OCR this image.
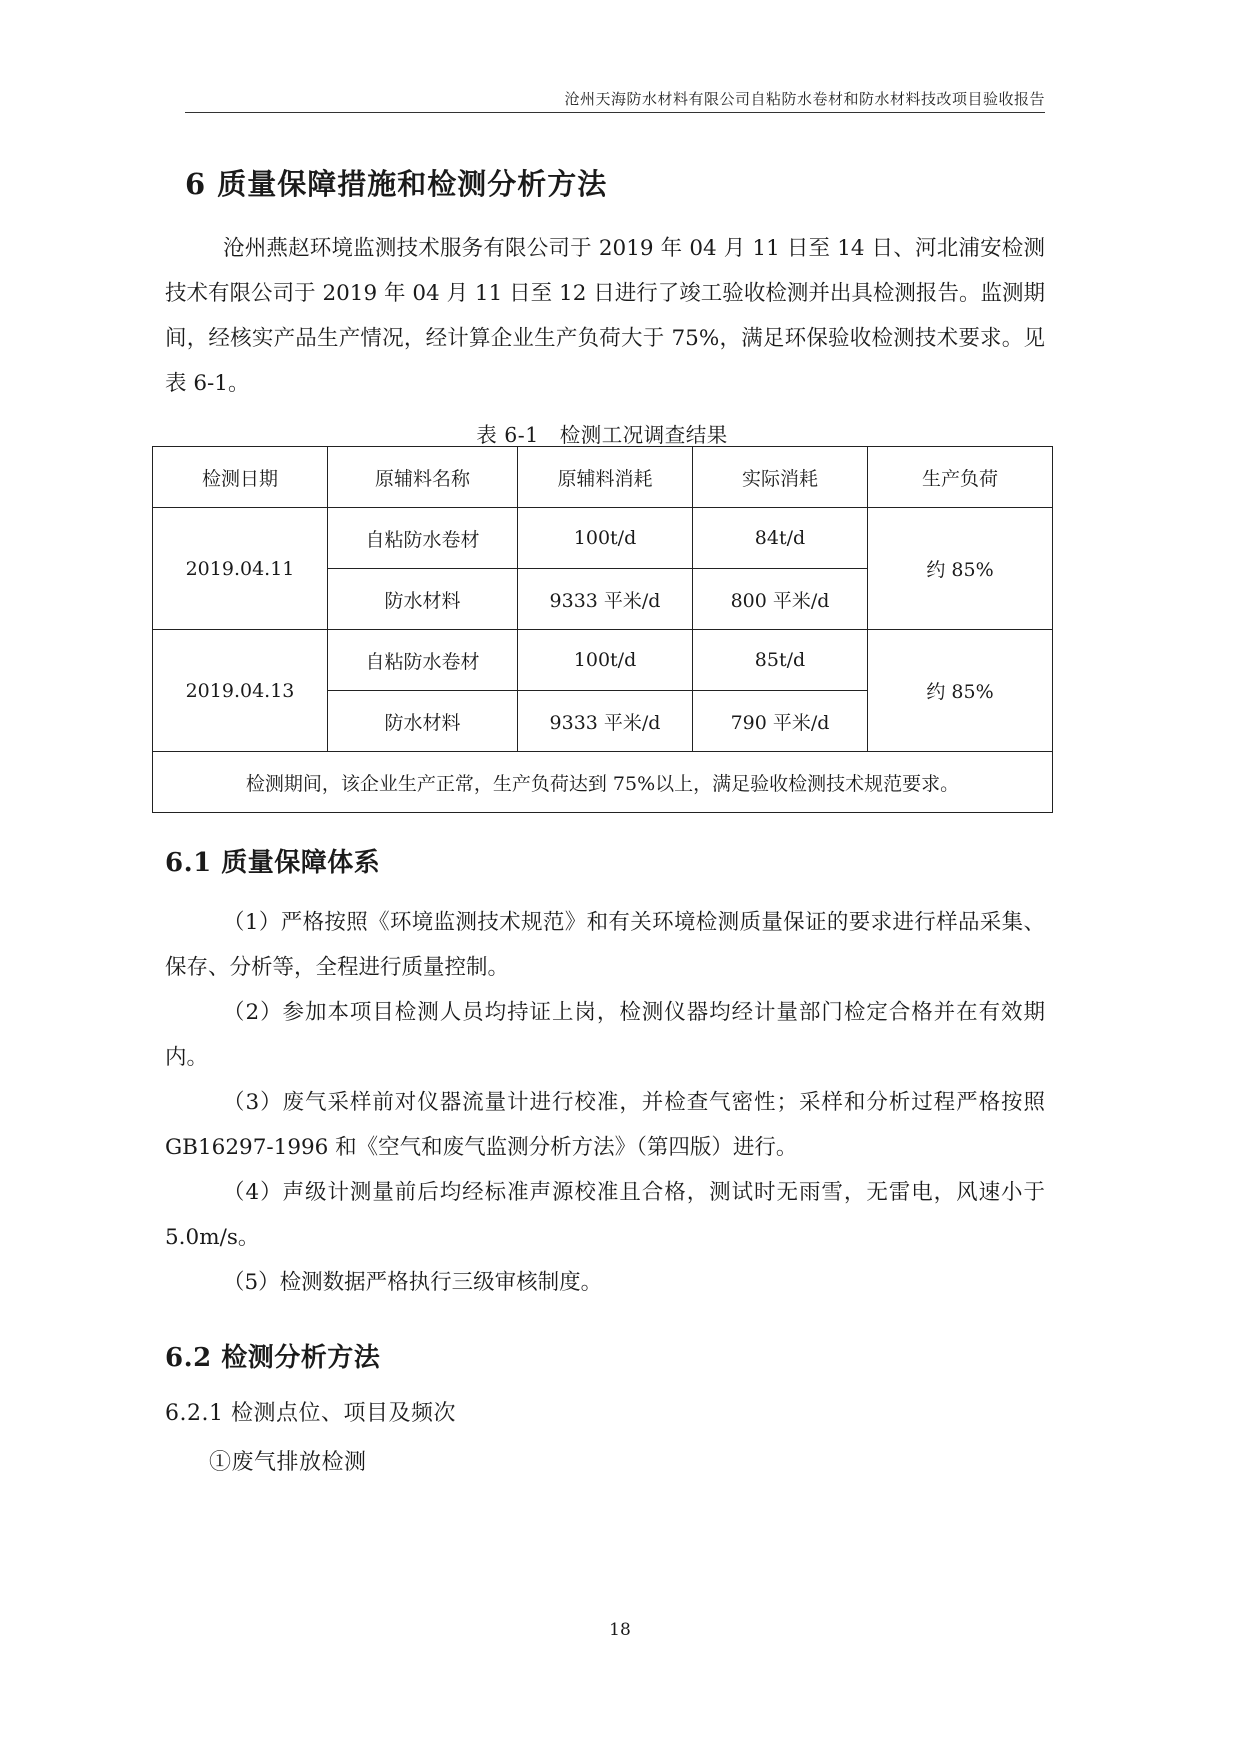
沧州天海防水材料有限公司自粘防水卷材和防水材料技改项目验收报告
6 质量保障措施和检测分析方法

沧州燕赵环境监测技术服务有限公司于 2019 年 04 月 11 日至 14 日、河北浦安检测技术有限公司于 2019 年 04 月 11 日至 12 日进行了竣工验收检测并出具检测报告。监测期间，经核实产品生产情况，经计算企业生产负荷大于 75%，满足环保验收检测技术要求。见表 6-1。

表 6-1　检测工况调查结果
检测日期	原辅料名称	原辅料消耗	实际消耗	生产负荷
2019.04.11	自粘防水卷材	100t/d	84t/d	约 85%
	防水材料	9333 平米/d	800 平米/d	
2019.04.13	自粘防水卷材	100t/d	85t/d	约 85%
	防水材料	9333 平米/d	790 平米/d	
检测期间，该企业生产正常，生产负荷达到 75%以上，满足验收检测技术规范要求。				
6.1 质量保障体系

（1）严格按照《环境监测技术规范》和有关环境检测质量保证的要求进行样品采集、保存、分析等，全程进行质量控制。

（2）参加本项目检测人员均持证上岗，检测仪器均经计量部门检定合格并在有效期内。

（3）废气采样前对仪器流量计进行校准，并检查气密性；采样和分析过程严格按照 GB16297-1996 和《空气和废气监测分析方法》（第四版）进行。

（4）声级计测量前后均经标准声源校准且合格，测试时无雨雪，无雷电，风速小于 5.0m/s。

（5）检测数据严格执行三级审核制度。

6.2 检测分析方法
6.2.1 检测点位、项目及频次
①废气排放检测
18
